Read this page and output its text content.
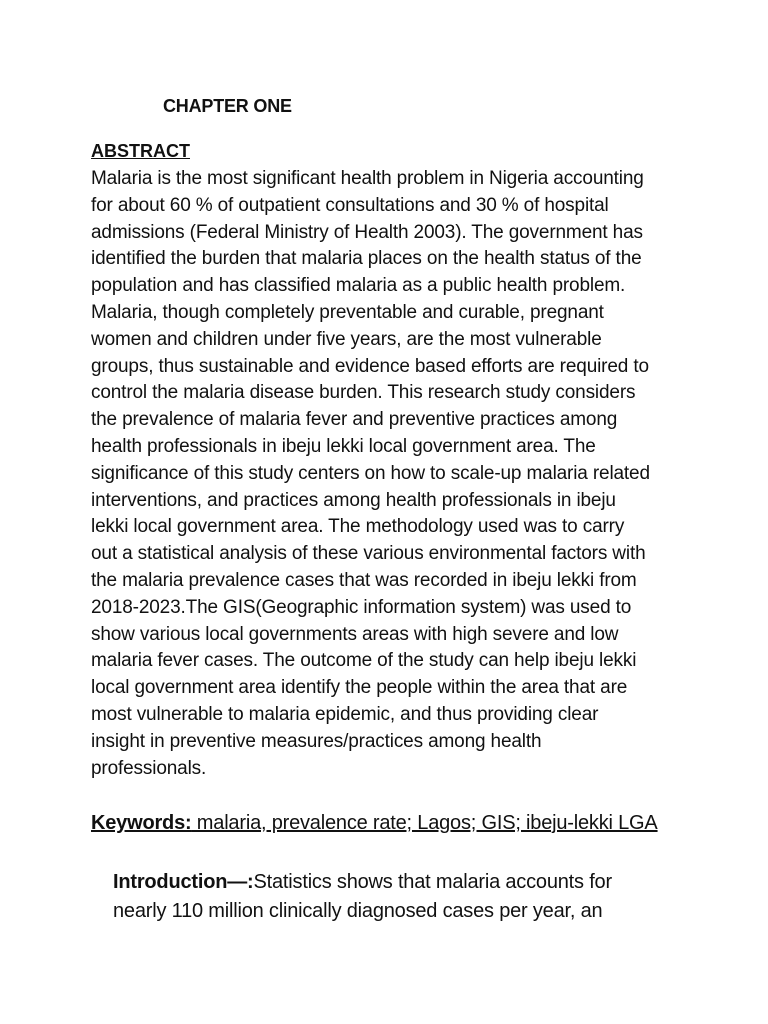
CHAPTER ONE

ABSTRACT

Malaria is the most significant health problem in Nigeria accounting
for about 60 % of outpatient consultations and 30 % of hospital
admissions (Federal Ministry of Health 2003). The government has
identified the burden that malaria places on the health status of the
population and has classified malaria as a public health problem.
Malaria, though completely preventable and curable, pregnant
women and children under five years, are the most vulnerable
groups, thus sustainable and evidence based efforts are required to
control the malaria disease burden. This research study considers
the prevalence of malaria fever and preventive practices among
health professionals in ibeju lekki local government area. The
significance of this study centers on how to scale-up malaria related
interventions, and practices among health professionals in ibeju
lekki local government area. The methodology used was to carry
out a statistical analysis of these various environmental factors with
the malaria prevalence cases that was recorded in ibeju lekki from
2018-2023.The GIS(Geographic information system) was used to
show various local governments areas with high severe and low
malaria fever cases. The outcome of the study can help ibeju lekki
local government area identify the people within the area that are
most vulnerable to malaria epidemic, and thus providing clear
insight in preventive measures/practices among health
professionals.

Keywords: malaria, prevalence rate; Lagos; GIS; ibeju-lekki LGA

Introduction—:Statistics shows that malaria accounts for
nearly 110 million clinically diagnosed cases per year, an
